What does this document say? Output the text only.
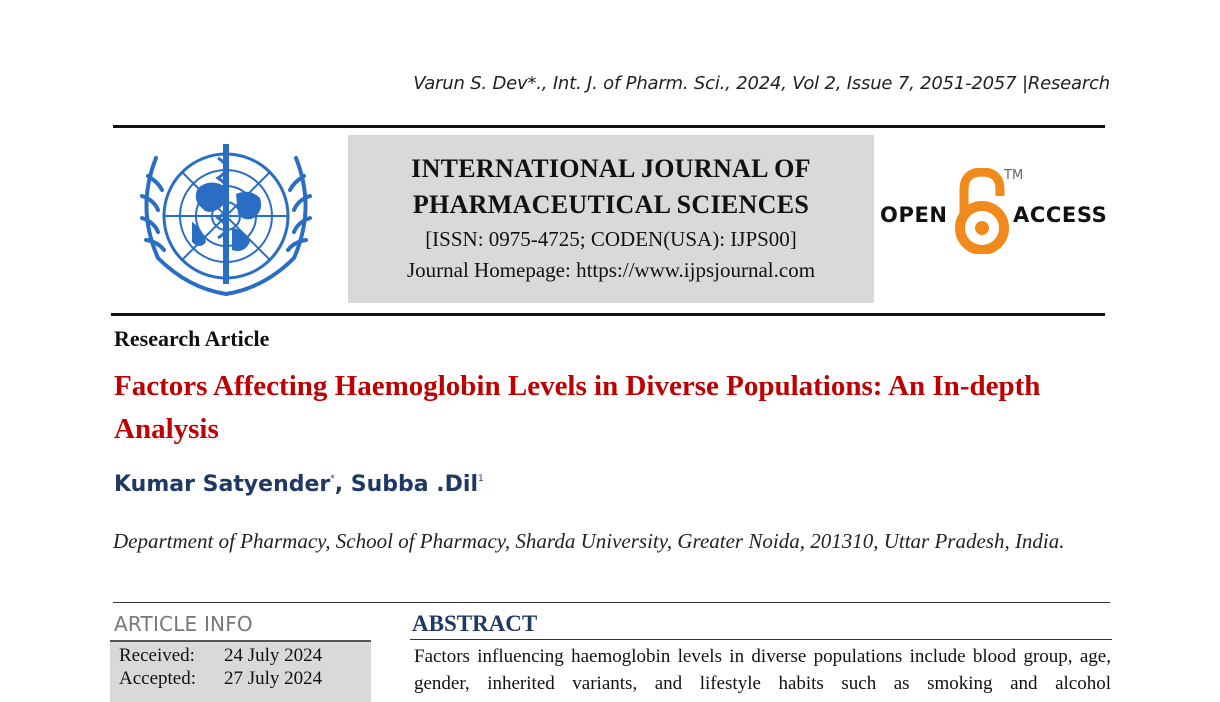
Varun S. Dev*., Int. J. of Pharm. Sci., 2024, Vol 2, Issue 7, 2051-2057 |Research
INTERNATIONAL JOURNAL OF
PHARMACEUTICAL SCIENCES
[ISSN: 0975-4725; CODEN(USA): IJPS00]
Journal Homepage: https://www.ijpsjournal.com
OPEN	ACCESS
TM
Research Article
Factors Affecting Haemoglobin Levels in Diverse Populations: An In-depth Analysis
Kumar Satyender*, Subba .Dil$^1$
Department of Pharmacy, School of Pharmacy, Sharda University, Greater Noida, 201310, Uttar Pradesh, India.
ARTICLE INFO
Received: 24 July 2024
Accepted: 27 July 2024
ABSTRACT
Factors influencing haemoglobin levels in diverse populations include blood group, age,
gender, inherited variants, and lifestyle habits such as smoking and alcohol
